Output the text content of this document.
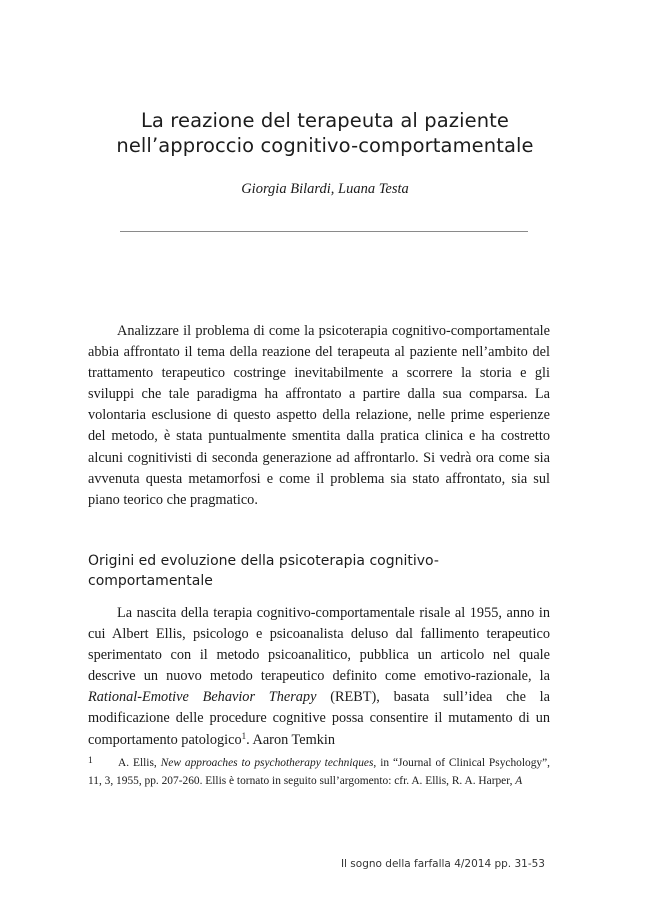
La reazione del terapeuta al paziente
nell’approccio cognitivo-comportamentale
Giorgia Bilardi, Luana Testa

Analizzare il problema di come la psicoterapia cognitivo-comportamentale abbia affrontato il tema della reazione del terapeuta al paziente nell’ambito del trattamento terapeutico costringe inevitabilmente a scorrere la storia e gli sviluppi che tale paradigma ha affrontato a partire dalla sua comparsa. La volontaria esclusione di questo aspetto della relazione, nelle prime esperienze del metodo, è stata puntualmente smentita dalla pratica clinica e ha costretto alcuni cognitivisti di seconda generazione ad affrontarlo. Si vedrà ora come sia avvenuta questa metamorfosi e come il problema sia stato affrontato, sia sul piano teorico che pragmatico.

Origini ed evoluzione della psicoterapia cognitivo-comportamentale

La nascita della terapia cognitivo-comportamentale risale al 1955, anno in cui Albert Ellis, psicologo e psicoanalista deluso dal fallimento terapeutico sperimentato con il metodo psicoanalitico, pubblica un articolo nel quale descrive un nuovo metodo terapeutico definito come emotivo-razionale, la Rational-Emotive Behavior Therapy (REBT), basata sull’idea che la modificazione delle procedure cognitive possa consentire il mutamento di un comportamento patologico$^1$. Aaron Temkin

1 A. Ellis, New approaches to psychotherapy techniques, in “Journal of Clinical Psychology”, 11, 3, 1955, pp. 207-260. Ellis è tornato in seguito sull’argomento: cfr. A. Ellis, R. A. Harper, A
Il sogno della farfalla 4/2014 pp. 31-53
